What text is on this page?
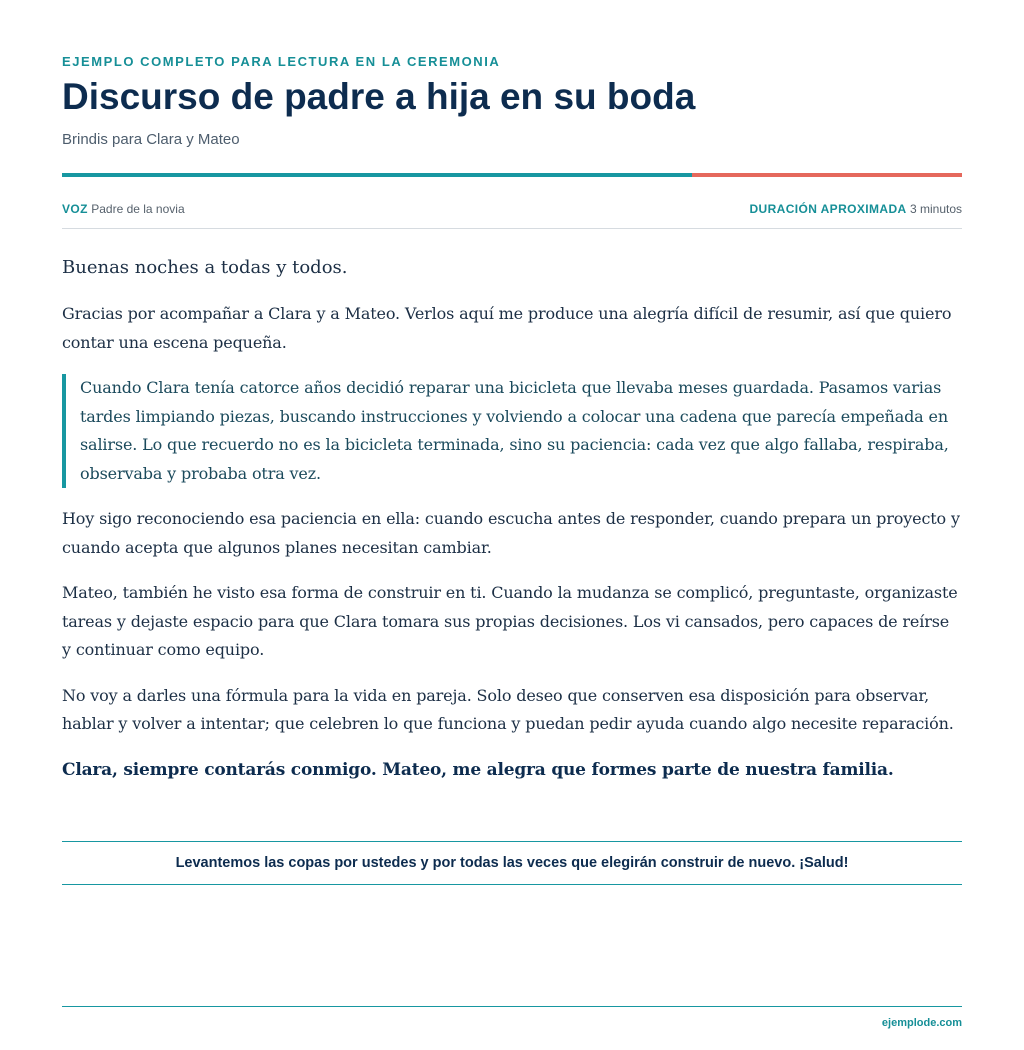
EJEMPLO COMPLETO PARA LECTURA EN LA CEREMONIA
Discurso de padre a hija en su boda
Brindis para Clara y Mateo
VOZ Padre de la novia	DURACIÓN APROXIMADA 3 minutos

Buenas noches a todas y todos.

Gracias por acompañar a Clara y a Mateo. Verlos aquí me produce una alegría difícil de resumir, así que quiero contar una escena pequeña.

Cuando Clara tenía catorce años decidió reparar una bicicleta que llevaba meses guardada. Pasamos varias tardes limpiando piezas, buscando instrucciones y volviendo a colocar una cadena que parecía empeñada en salirse. Lo que recuerdo no es la bicicleta terminada, sino su paciencia: cada vez que algo fallaba, respiraba, observaba y probaba otra vez.

Hoy sigo reconociendo esa paciencia en ella: cuando escucha antes de responder, cuando prepara un proyecto y cuando acepta que algunos planes necesitan cambiar.

Mateo, también he visto esa forma de construir en ti. Cuando la mudanza se complicó, preguntaste, organizaste tareas y dejaste espacio para que Clara tomara sus propias decisiones. Los vi cansados, pero capaces de reírse y continuar como equipo.

No voy a darles una fórmula para la vida en pareja. Solo deseo que conserven esa disposición para observar, hablar y volver a intentar; que celebren lo que funciona y puedan pedir ayuda cuando algo necesite reparación.

Clara, siempre contarás conmigo. Mateo, me alegra que formes parte de nuestra familia.

Levantemos las copas por ustedes y por todas las veces que elegirán construir de nuevo. ¡Salud!
ejemplode.com
